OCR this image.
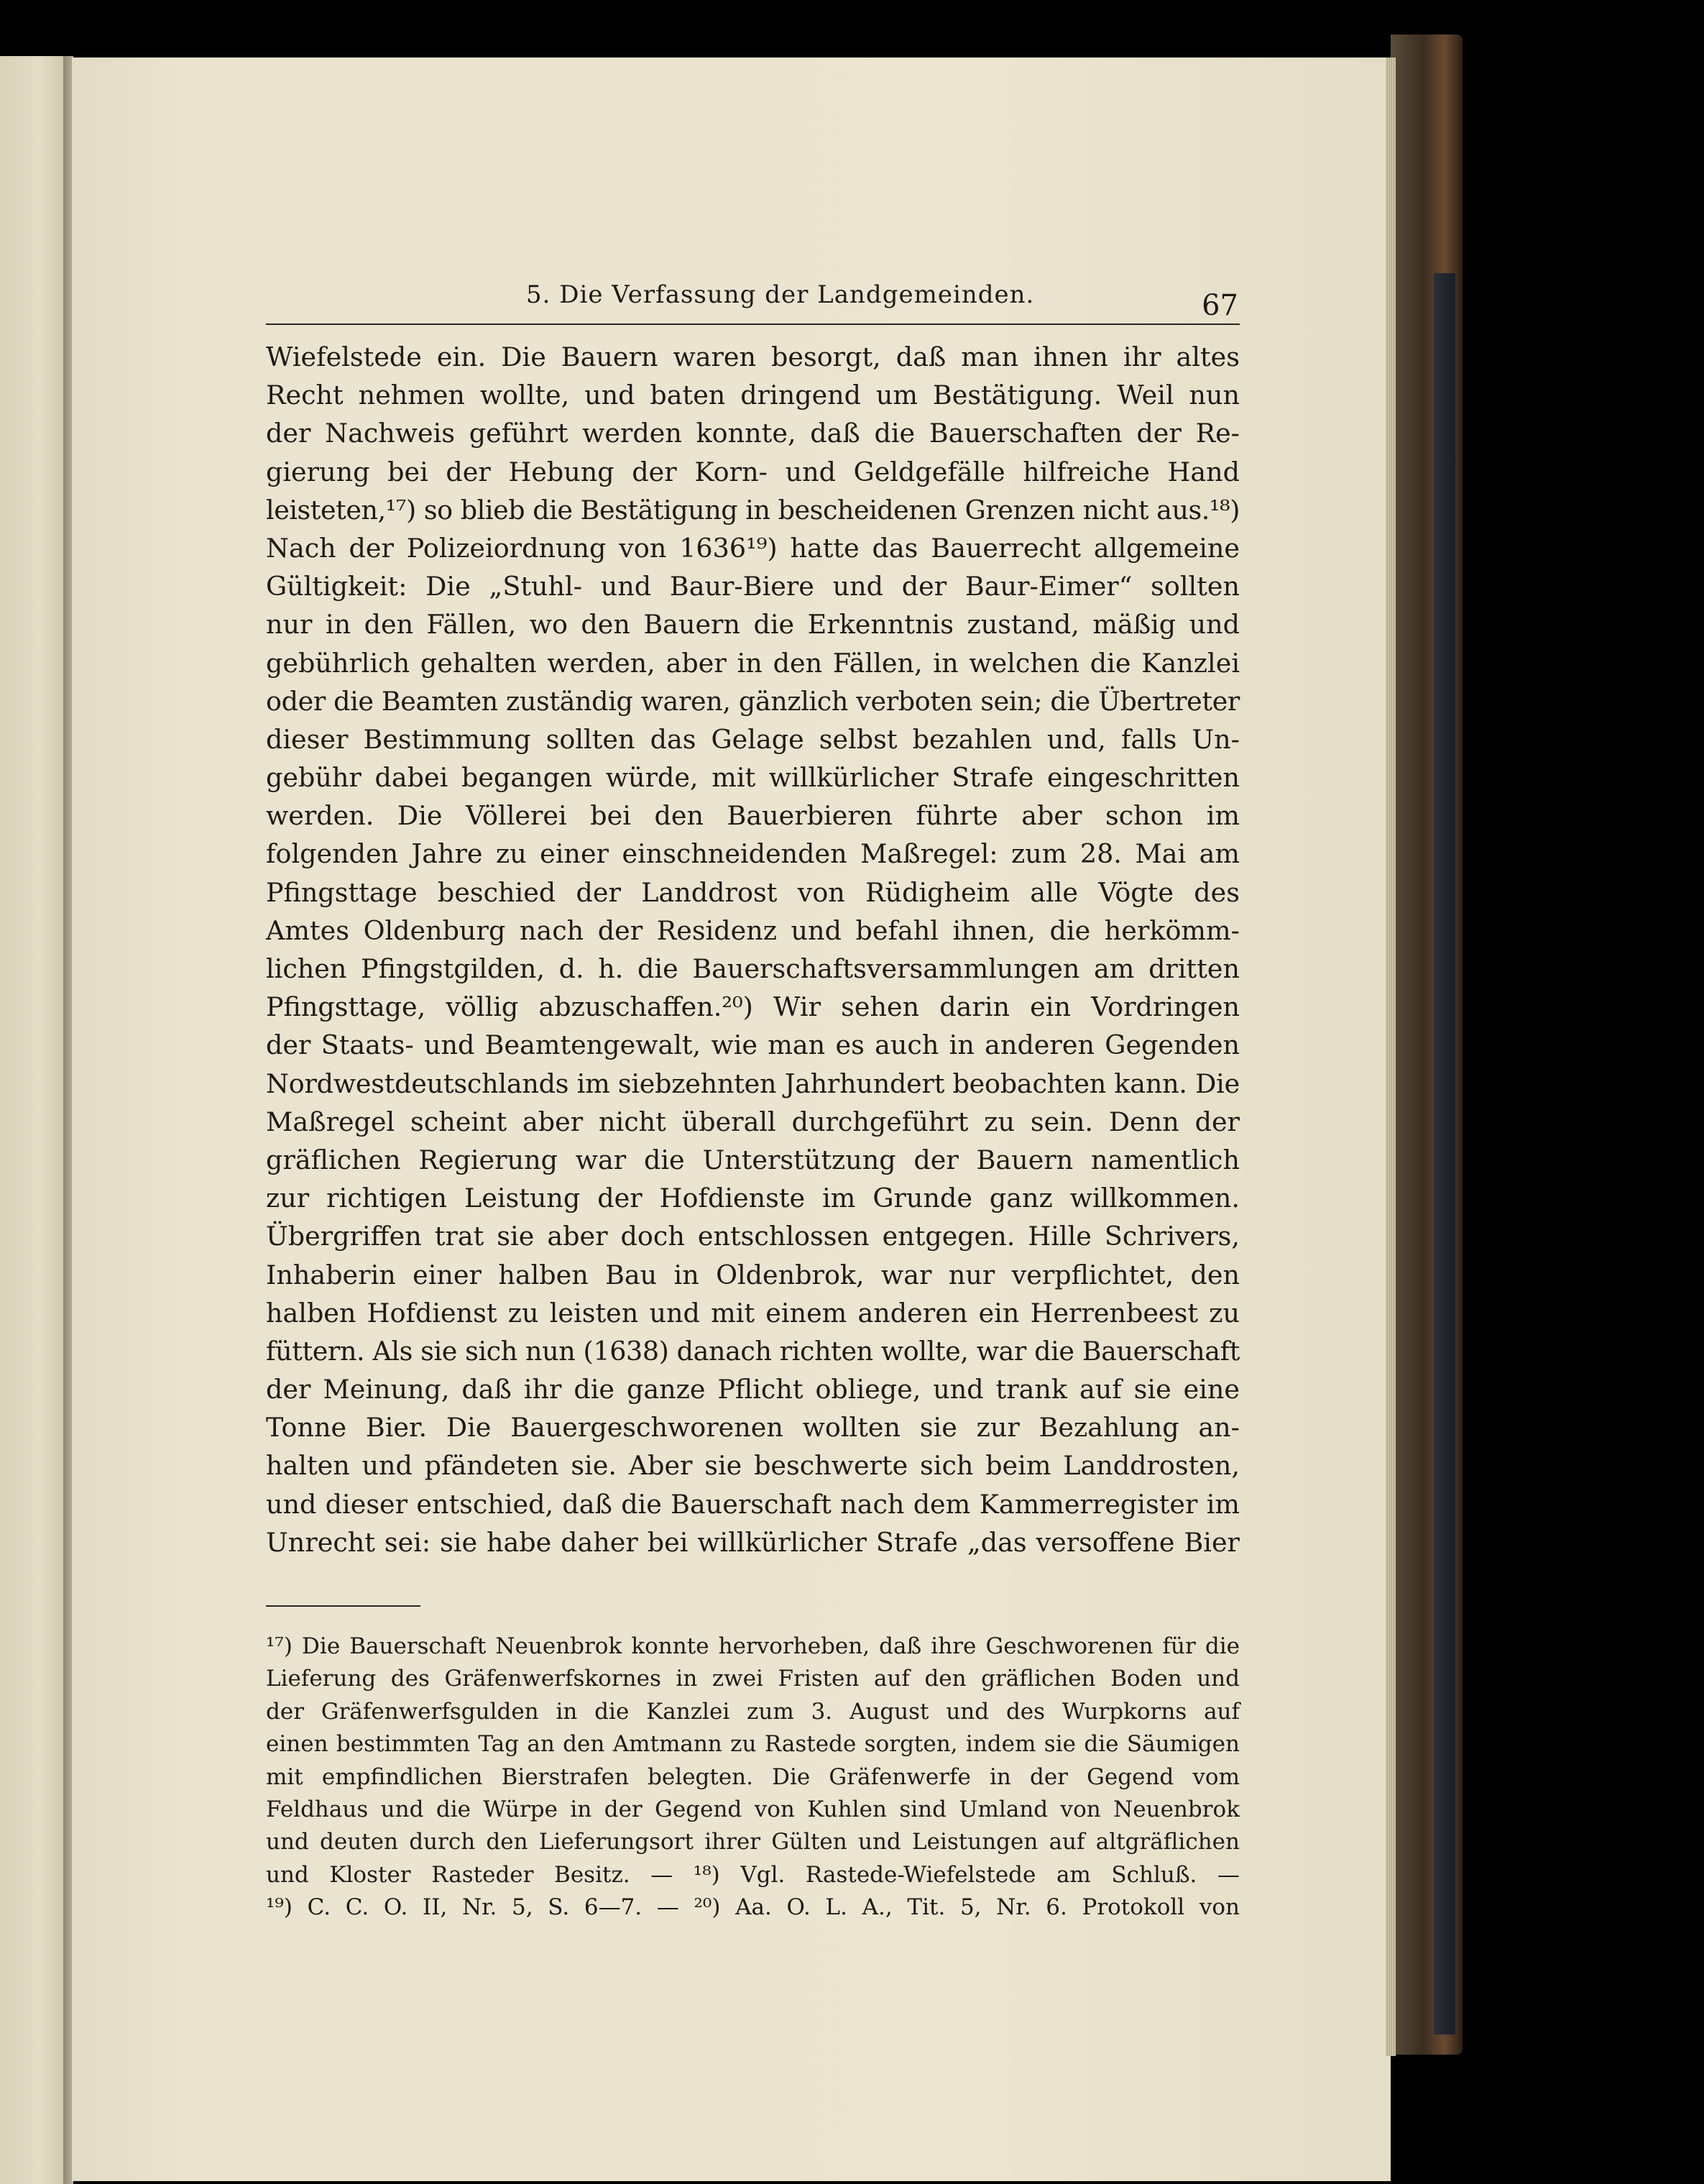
5. Die Verfassung der Landgemeinden.	67
Wiefelstede ein. Die Bauern waren besorgt, daß man ihnen ihr altes
Recht nehmen wollte, und baten dringend um Bestätigung. Weil nun
der Nachweis geführt werden konnte, daß die Bauerschaften der Re-
gierung bei der Hebung der Korn- und Geldgefälle hilfreiche Hand
leisteten,¹⁷) so blieb die Bestätigung in bescheidenen Grenzen nicht aus.¹⁸)
Nach der Polizeiordnung von 1636¹⁹) hatte das Bauerrecht allgemeine
Gültigkeit: Die „Stuhl- und Baur-Biere und der Baur-Eimer“ sollten
nur in den Fällen, wo den Bauern die Erkenntnis zustand, mäßig und
gebührlich gehalten werden, aber in den Fällen, in welchen die Kanzlei
oder die Beamten zuständig waren, gänzlich verboten sein; die Übertreter
dieser Bestimmung sollten das Gelage selbst bezahlen und, falls Un-
gebühr dabei begangen würde, mit willkürlicher Strafe eingeschritten
werden. Die Völlerei bei den Bauerbieren führte aber schon im
folgenden Jahre zu einer einschneidenden Maßregel: zum 28. Mai am
Pfingsttage beschied der Landdrost von Rüdigheim alle Vögte des
Amtes Oldenburg nach der Residenz und befahl ihnen, die herkömm-
lichen Pfingstgilden, d. h. die Bauerschaftsversammlungen am dritten
Pfingsttage, völlig abzuschaffen.²⁰) Wir sehen darin ein Vordringen
der Staats- und Beamtengewalt, wie man es auch in anderen Gegenden
Nordwestdeutschlands im siebzehnten Jahrhundert beobachten kann. Die
Maßregel scheint aber nicht überall durchgeführt zu sein. Denn der
gräflichen Regierung war die Unterstützung der Bauern namentlich
zur richtigen Leistung der Hofdienste im Grunde ganz willkommen.
Übergriffen trat sie aber doch entschlossen entgegen. Hille Schrivers,
Inhaberin einer halben Bau in Oldenbrok, war nur verpflichtet, den
halben Hofdienst zu leisten und mit einem anderen ein Herrenbeest zu
füttern. Als sie sich nun (1638) danach richten wollte, war die Bauerschaft
der Meinung, daß ihr die ganze Pflicht obliege, und trank auf sie eine
Tonne Bier. Die Bauergeschworenen wollten sie zur Bezahlung an-
halten und pfändeten sie. Aber sie beschwerte sich beim Landdrosten,
und dieser entschied, daß die Bauerschaft nach dem Kammerregister im
Unrecht sei: sie habe daher bei willkürlicher Strafe „das versoffene Bier
¹⁷) Die Bauerschaft Neuenbrok konnte hervorheben, daß ihre Geschworenen für die
Lieferung des Gräfenwerfskornes in zwei Fristen auf den gräflichen Boden und
der Gräfenwerfsgulden in die Kanzlei zum 3. August und des Wurpkorns auf
einen bestimmten Tag an den Amtmann zu Rastede sorgten, indem sie die Säumigen
mit empfindlichen Bierstrafen belegten. Die Gräfenwerfe in der Gegend vom
Feldhaus und die Würpe in der Gegend von Kuhlen sind Umland von Neuenbrok
und deuten durch den Lieferungsort ihrer Gülten und Leistungen auf altgräflichen
und Kloster Rasteder Besitz. — ¹⁸) Vgl. Rastede-Wiefelstede am Schluß. —
¹⁹) C. C. O. II, Nr. 5, S. 6—7. — ²⁰) Aa. O. L. A., Tit. 5, Nr. 6. Protokoll von
